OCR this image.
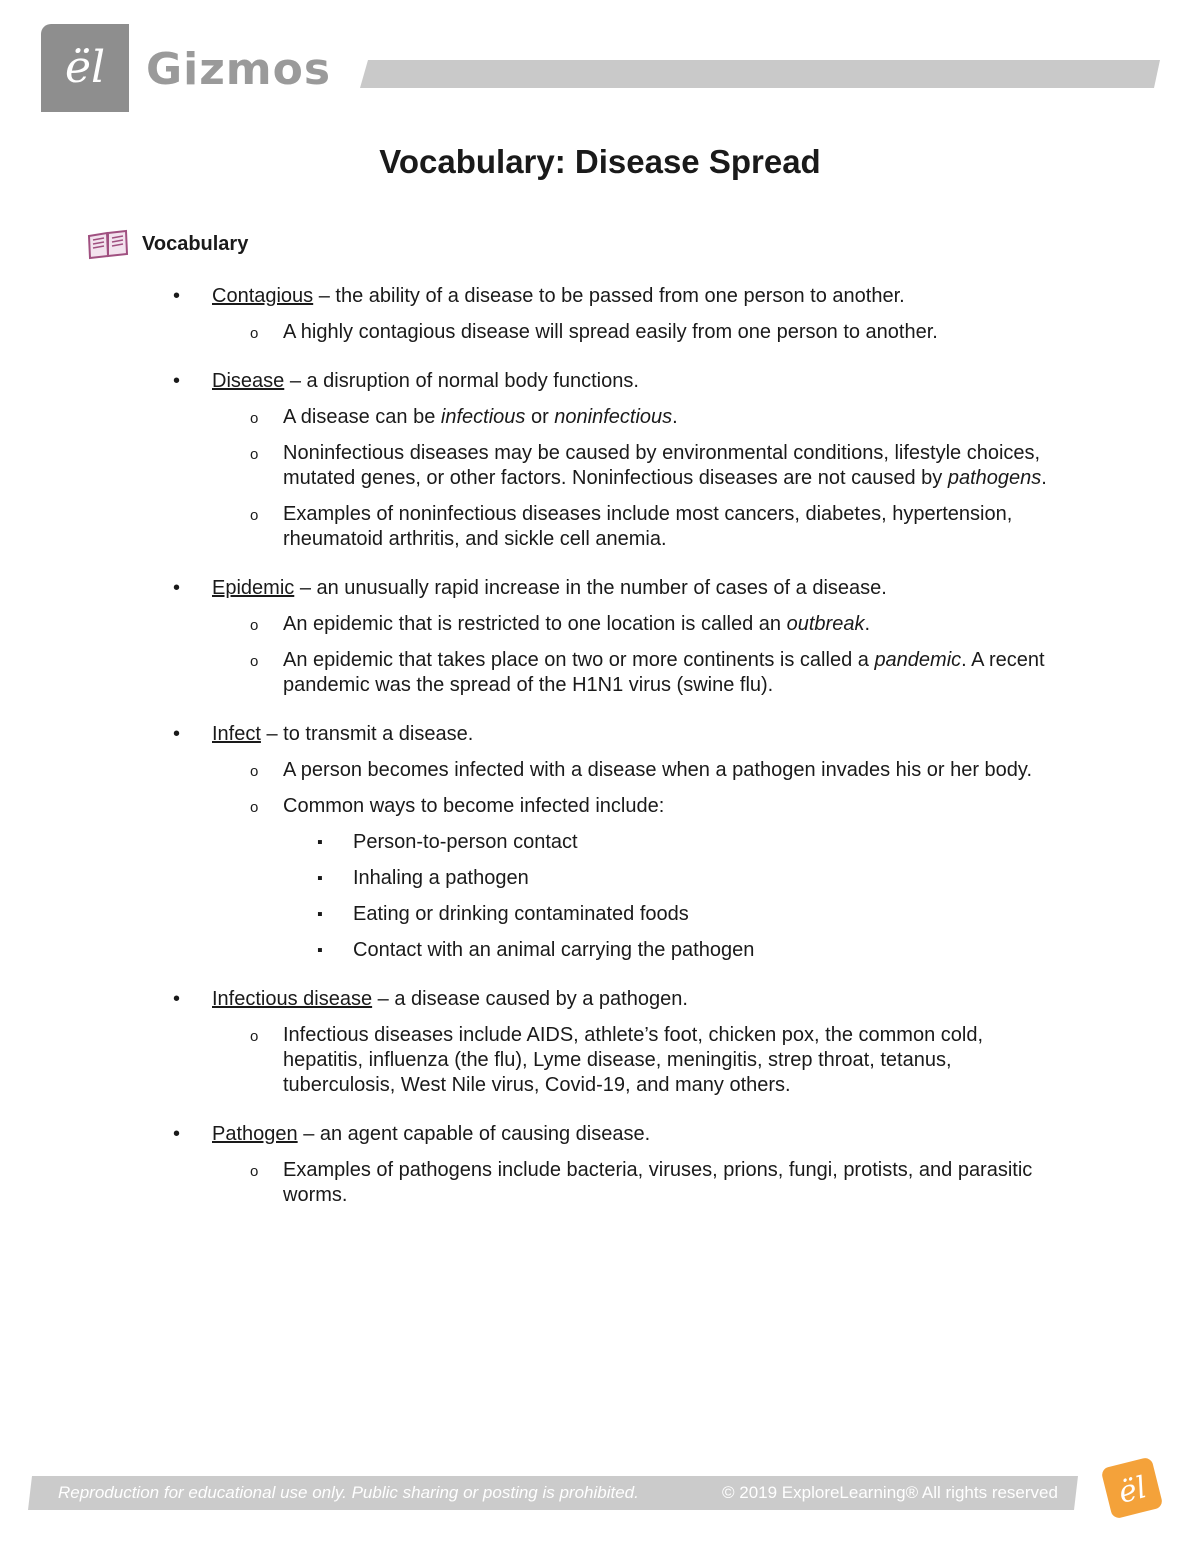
ël Gizmos
Vocabulary: Disease Spread
Vocabulary
• Contagious – the ability of a disease to be passed from one person to another.
o A highly contagious disease will spread easily from one person to another.
• Disease – a disruption of normal body functions.
o A disease can be infectious or noninfectious.
o Noninfectious diseases may be caused by environmental conditions, lifestyle choices, mutated genes, or other factors. Noninfectious diseases are not caused by pathogens.
o Examples of noninfectious diseases include most cancers, diabetes, hypertension, rheumatoid arthritis, and sickle cell anemia.
• Epidemic – an unusually rapid increase in the number of cases of a disease.
o An epidemic that is restricted to one location is called an outbreak.
o An epidemic that takes place on two or more continents is called a pandemic. A recent pandemic was the spread of the H1N1 virus (swine flu).
• Infect – to transmit a disease.
o A person becomes infected with a disease when a pathogen invades his or her body.
o Common ways to become infected include:
▪ Person-to-person contact
▪ Inhaling a pathogen
▪ Eating or drinking contaminated foods
▪ Contact with an animal carrying the pathogen
• Infectious disease – a disease caused by a pathogen.
o Infectious diseases include AIDS, athlete’s foot, chicken pox, the common cold, hepatitis, influenza (the flu), Lyme disease, meningitis, strep throat, tetanus, tuberculosis, West Nile virus, Covid-19, and many others.
• Pathogen – an agent capable of causing disease.
o Examples of pathogens include bacteria, viruses, prions, fungi, protists, and parasitic worms.
Reproduction for educational use only. Public sharing or posting is prohibited.	© 2019 ExploreLearning® All rights reserved ël
